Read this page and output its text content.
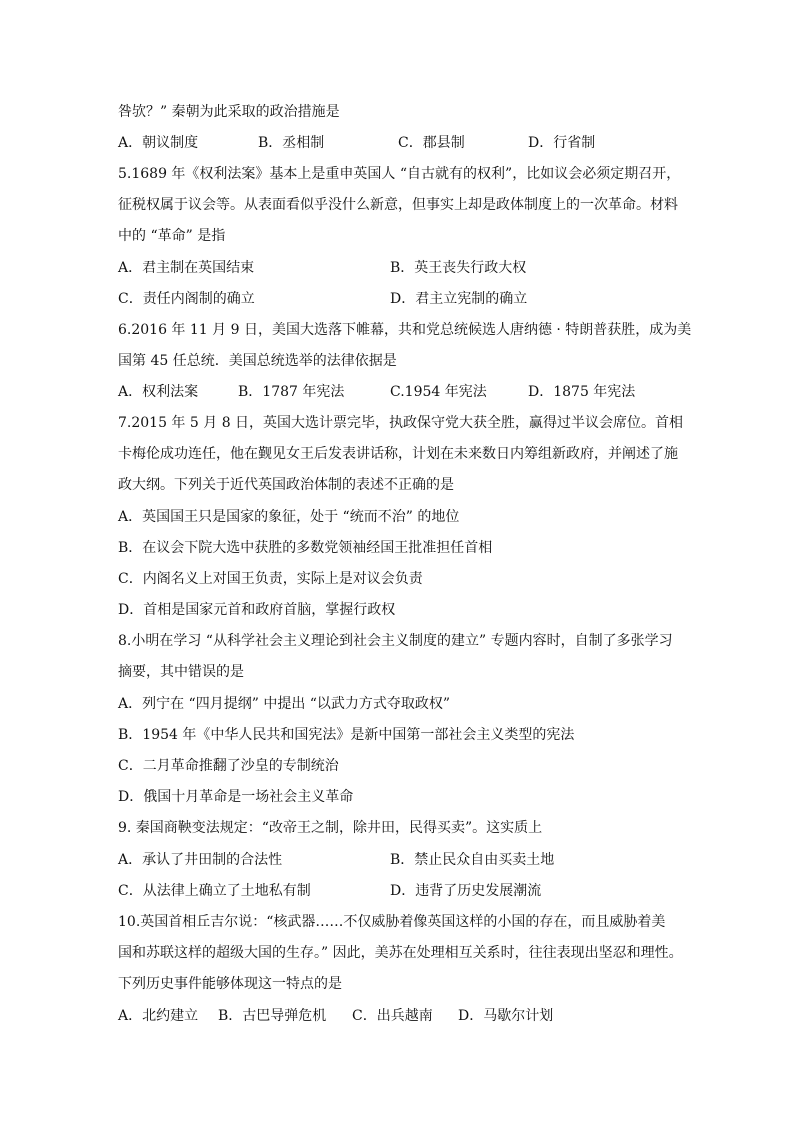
咎欤？” 秦朝为此采取的政治措施是
A．朝议制度	B．丞相制	C．郡县制	D．行省制
5.1689 年《权利法案》基本上是重申英国人 “自古就有的权利”，比如议会必须定期召开，
征税权属于议会等。从表面看似乎没什么新意，但事实上却是政体制度上的一次革命。材料
中的 “革命” 是指
A．君主制在英国结束	B．英王丧失行政大权
C．责任内阁制的确立	D．君主立宪制的确立
6.2016 年 11 月 9 日，美国大选落下帷幕，共和党总统候选人唐纳德 · 特朗普获胜，成为美
国第 45 任总统．美国总统选举的法律依据是
A．权利法案	B．1787 年宪法	C.1954 年宪法	D．1875 年宪法
7.2015 年 5 月 8 日，英国大选计票完毕，执政保守党大获全胜，赢得过半议会席位。首相
卡梅伦成功连任，他在觐见女王后发表讲话称，计划在未来数日内筹组新政府，并阐述了施
政大纲。下列关于近代英国政治体制的表述不正确的是
A．英国国王只是国家的象征，处于 “统而不治” 的地位
B．在议会下院大选中获胜的多数党领袖经国王批准担任首相
C．内阁名义上对国王负责，实际上是对议会负责
D．首相是国家元首和政府首脑，掌握行政权
8.小明在学习 “从科学社会主义理论到社会主义制度的建立” 专题内容时，自制了多张学习
摘要，其中错误的是
A．列宁在 “四月提纲” 中提出 “以武力方式夺取政权”
B．1954 年《中华人民共和国宪法》是新中国第一部社会主义类型的宪法
C．二月革命推翻了沙皇的专制统治
D．俄国十月革命是一场社会主义革命
9. 秦国商鞅变法规定：“改帝王之制，除井田，民得买卖”。这实质上
A．承认了井田制的合法性	B．禁止民众自由买卖土地
C．从法律上确立了土地私有制	D．违背了历史发展潮流
10.英国首相丘吉尔说：“核武器……不仅威胁着像英国这样的小国的存在，而且威胁着美
国和苏联这样的超级大国的生存。” 因此，美苏在处理相互关系时，往往表现出坚忍和理性。
下列历史事件能够体现这一特点的是
A．北约建立 B．古巴导弹危机 C．出兵越南 D．马歇尔计划
